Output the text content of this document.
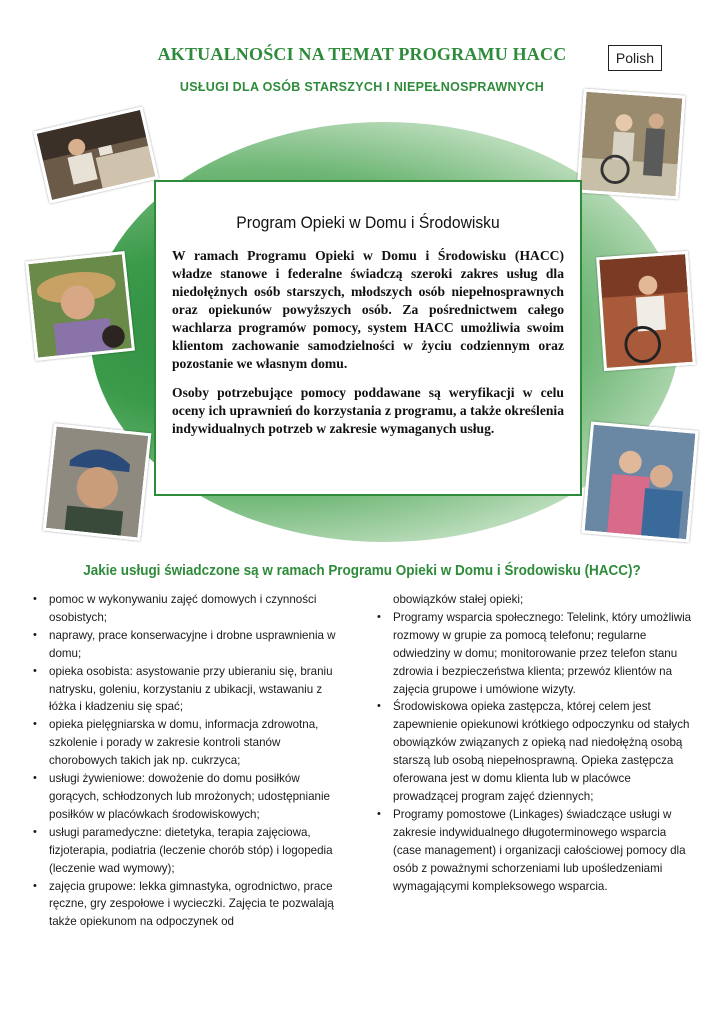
AKTUALNOŚCI NA TEMAT PROGRAMU HACC
USŁUGI DLA OSÓB STARSZYCH I NIEPEŁNOSPRAWNYCH
Polish
Program Opieki w Domu i Środowisku

W ramach Programu Opieki w Domu i Środowisku (HACC) władze stanowe i federalne świadczą szeroki zakres usług dla niedołężnych osób starszych, młodszych osób niepełnosprawnych oraz opiekunów powyższych osób. Za pośrednictwem całego wachlarza programów pomocy, system HACC umożliwia swoim klientom zachowanie samodzielności w życiu codziennym oraz pozostanie we własnym domu.

Osoby potrzebujące pomocy poddawane są weryfikacji w celu oceny ich uprawnień do korzystania z programu, a także określenia indywidualnych potrzeb w zakresie wymaganych usług.

Jakie usługi świadczone są w ramach Programu Opieki w Domu i Środowisku (HACC)?
• pomoc w wykonywaniu zajęć domowych i czynności osobistych;
• naprawy, prace konserwacyjne i drobne usprawnienia w domu;
• opieka osobista: asystowanie przy ubieraniu się, braniu natrysku, goleniu, korzystaniu z ubikacji, wstawaniu z łóżka i kładzeniu się spać;
• opieka pielęgniarska w domu, informacja zdrowotna, szkolenie i porady w zakresie kontroli stanów chorobowych takich jak np. cukrzyca;
• usługi żywieniowe: dowożenie do domu posiłków gorących, schłodzonych lub mrożonych; udostępnianie posiłków w placówkach środowiskowych;
• usługi paramedyczne: dietetyka, terapia zajęciowa, fizjoterapia, podiatria (leczenie chorób stóp) i logopedia (leczenie wad wymowy);
• zajęcia grupowe: lekka gimnastyka, ogrodnictwo, prace ręczne, gry zespołowe i wycieczki. Zajęcia te pozwalają także opiekunom na odpoczynek od
obowiązków stałej opieki;
• Programy wsparcia społecznego: Telelink, który umożliwia rozmowy w grupie za pomocą telefonu; regularne odwiedziny w domu; monitorowanie przez telefon stanu zdrowia i bezpieczeństwa klienta; przewóz klientów na zajęcia grupowe i umówione wizyty.
• Środowiskowa opieka zastępcza, której celem jest zapewnienie opiekunowi krótkiego odpoczynku od stałych obowiązków związanych z opieką nad niedołężną osobą starszą lub osobą niepełnosprawną. Opieka zastępcza oferowana jest w domu klienta lub w placówce prowadzącej program zajęć dziennych;
• Programy pomostowe (Linkages) świadczące usługi w zakresie indywidualnego długoterminowego wsparcia (case management) i organizacji całościowej pomocy dla osób z poważnymi schorzeniami lub upośledzeniami wymagającymi kompleksowego wsparcia.
